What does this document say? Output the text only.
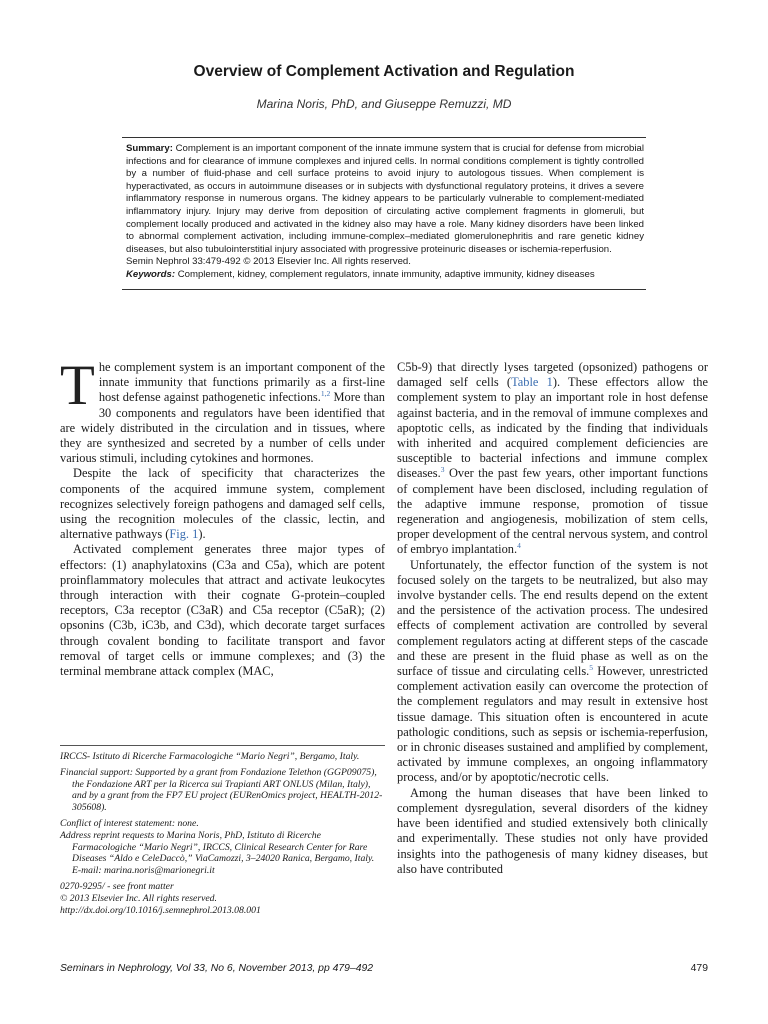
Overview of Complement Activation and Regulation

Marina Noris, PhD, and Giuseppe Remuzzi, MD

Summary: Complement is an important component of the innate immune system that is crucial for defense from microbial infections and for clearance of immune complexes and injured cells. In normal conditions complement is tightly controlled by a number of fluid-phase and cell surface proteins to avoid injury to autologous tissues. When complement is hyperactivated, as occurs in autoimmune diseases or in subjects with dysfunctional regulatory proteins, it drives a severe inflammatory response in numerous organs. The kidney appears to be particularly vulnerable to complement-mediated inflammatory injury. Injury may derive from deposition of circulating active complement fragments in glomeruli, but complement locally produced and activated in the kidney also may have a role. Many kidney disorders have been linked to abnormal complement activation, including immune-complex–mediated glomerulonephritis and rare genetic kidney diseases, but also tubulointerstitial injury associated with progressive proteinuric diseases or ischemia-reperfusion.

Semin Nephrol 33:479-492 © 2013 Elsevier Inc. All rights reserved.

Keywords: Complement, kidney, complement regulators, innate immunity, adaptive immunity, kidney diseases

The complement system is an important component of the innate immunity that functions primarily as a first-line host defense against pathogenetic infections.$^{1,2}$ More than 30 components and regulators have been identified that are widely distributed in the circulation and in tissues, where they are synthesized and secreted by a number of cells under various stimuli, including cytokines and hormones.

Despite the lack of specificity that characterizes the components of the acquired immune system, complement recognizes selectively foreign pathogens and damaged self cells, using the recognition molecules of the classic, lectin, and alternative pathways (Fig. 1).

Activated complement generates three major types of effectors: (1) anaphylatoxins (C3a and C5a), which are potent proinflammatory molecules that attract and activate leukocytes through interaction with their cognate G-protein–coupled receptors, C3a receptor (C3aR) and C5a receptor (C5aR); (2) opsonins (C3b, iC3b, and C3d), which decorate target surfaces through covalent bonding to facilitate transport and favor removal of target cells or immune complexes; and (3) the terminal membrane attack complex (MAC,

IRCCS- Istituto di Ricerche Farmacologiche “Mario Negri”, Bergamo, Italy.

Financial support: Supported by a grant from Fondazione Telethon (GGP09075), the Fondazione ART per la Ricerca sui Trapianti ART ONLUS (Milan, Italy), and by a grant from the FP7 EU project (EURenOmics project, HEALTH-2012-305608).

Conflict of interest statement: none.

Address reprint requests to Marina Noris, PhD, Istituto di Ricerche Farmacologiche “Mario Negri”, IRCCS, Clinical Research Center for Rare Diseases “Aldo e CeleDaccò,” ViaCamozzi, 3–24020 Ranica, Bergamo, Italy. E-mail: marina.noris@marionegri.it

0270-9295/ - see front matter

© 2013 Elsevier Inc. All rights reserved.

http://dx.doi.org/10.1016/j.semnephrol.2013.08.001

C5b-9) that directly lyses targeted (opsonized) pathogens or damaged self cells (Table 1). These effectors allow the complement system to play an important role in host defense against bacteria, and in the removal of immune complexes and apoptotic cells, as indicated by the finding that individuals with inherited and acquired complement deficiencies are susceptible to bacterial infections and immune complex diseases.$^3$ Over the past few years, other important functions of complement have been disclosed, including regulation of the adaptive immune response, promotion of tissue regeneration and angiogenesis, mobilization of stem cells, proper development of the central nervous system, and control of embryo implantation.$^4$

Unfortunately, the effector function of the system is not focused solely on the targets to be neutralized, but also may involve bystander cells. The end results depend on the extent and the persistence of the activation process. The undesired effects of complement activation are controlled by several complement regulators acting at different steps of the cascade and these are present in the fluid phase as well as on the surface of tissue and circulating cells.$^5$ However, unrestricted complement activation easily can overcome the protection of the complement regulators and may result in extensive host tissue damage. This situation often is encountered in acute pathologic conditions, such as sepsis or ischemia-reperfusion, or in chronic diseases sustained and amplified by complement, activated by immune complexes, an ongoing inflammatory process, and/or by apoptotic/necrotic cells.

Among the human diseases that have been linked to complement dysregulation, several disorders of the kidney have been identified and studied extensively both clinically and experimentally. These studies not only have provided insights into the pathogenesis of many kidney diseases, but also have contributed

Seminars in Nephrology, Vol 33, No 6, November 2013, pp 479–492	479
